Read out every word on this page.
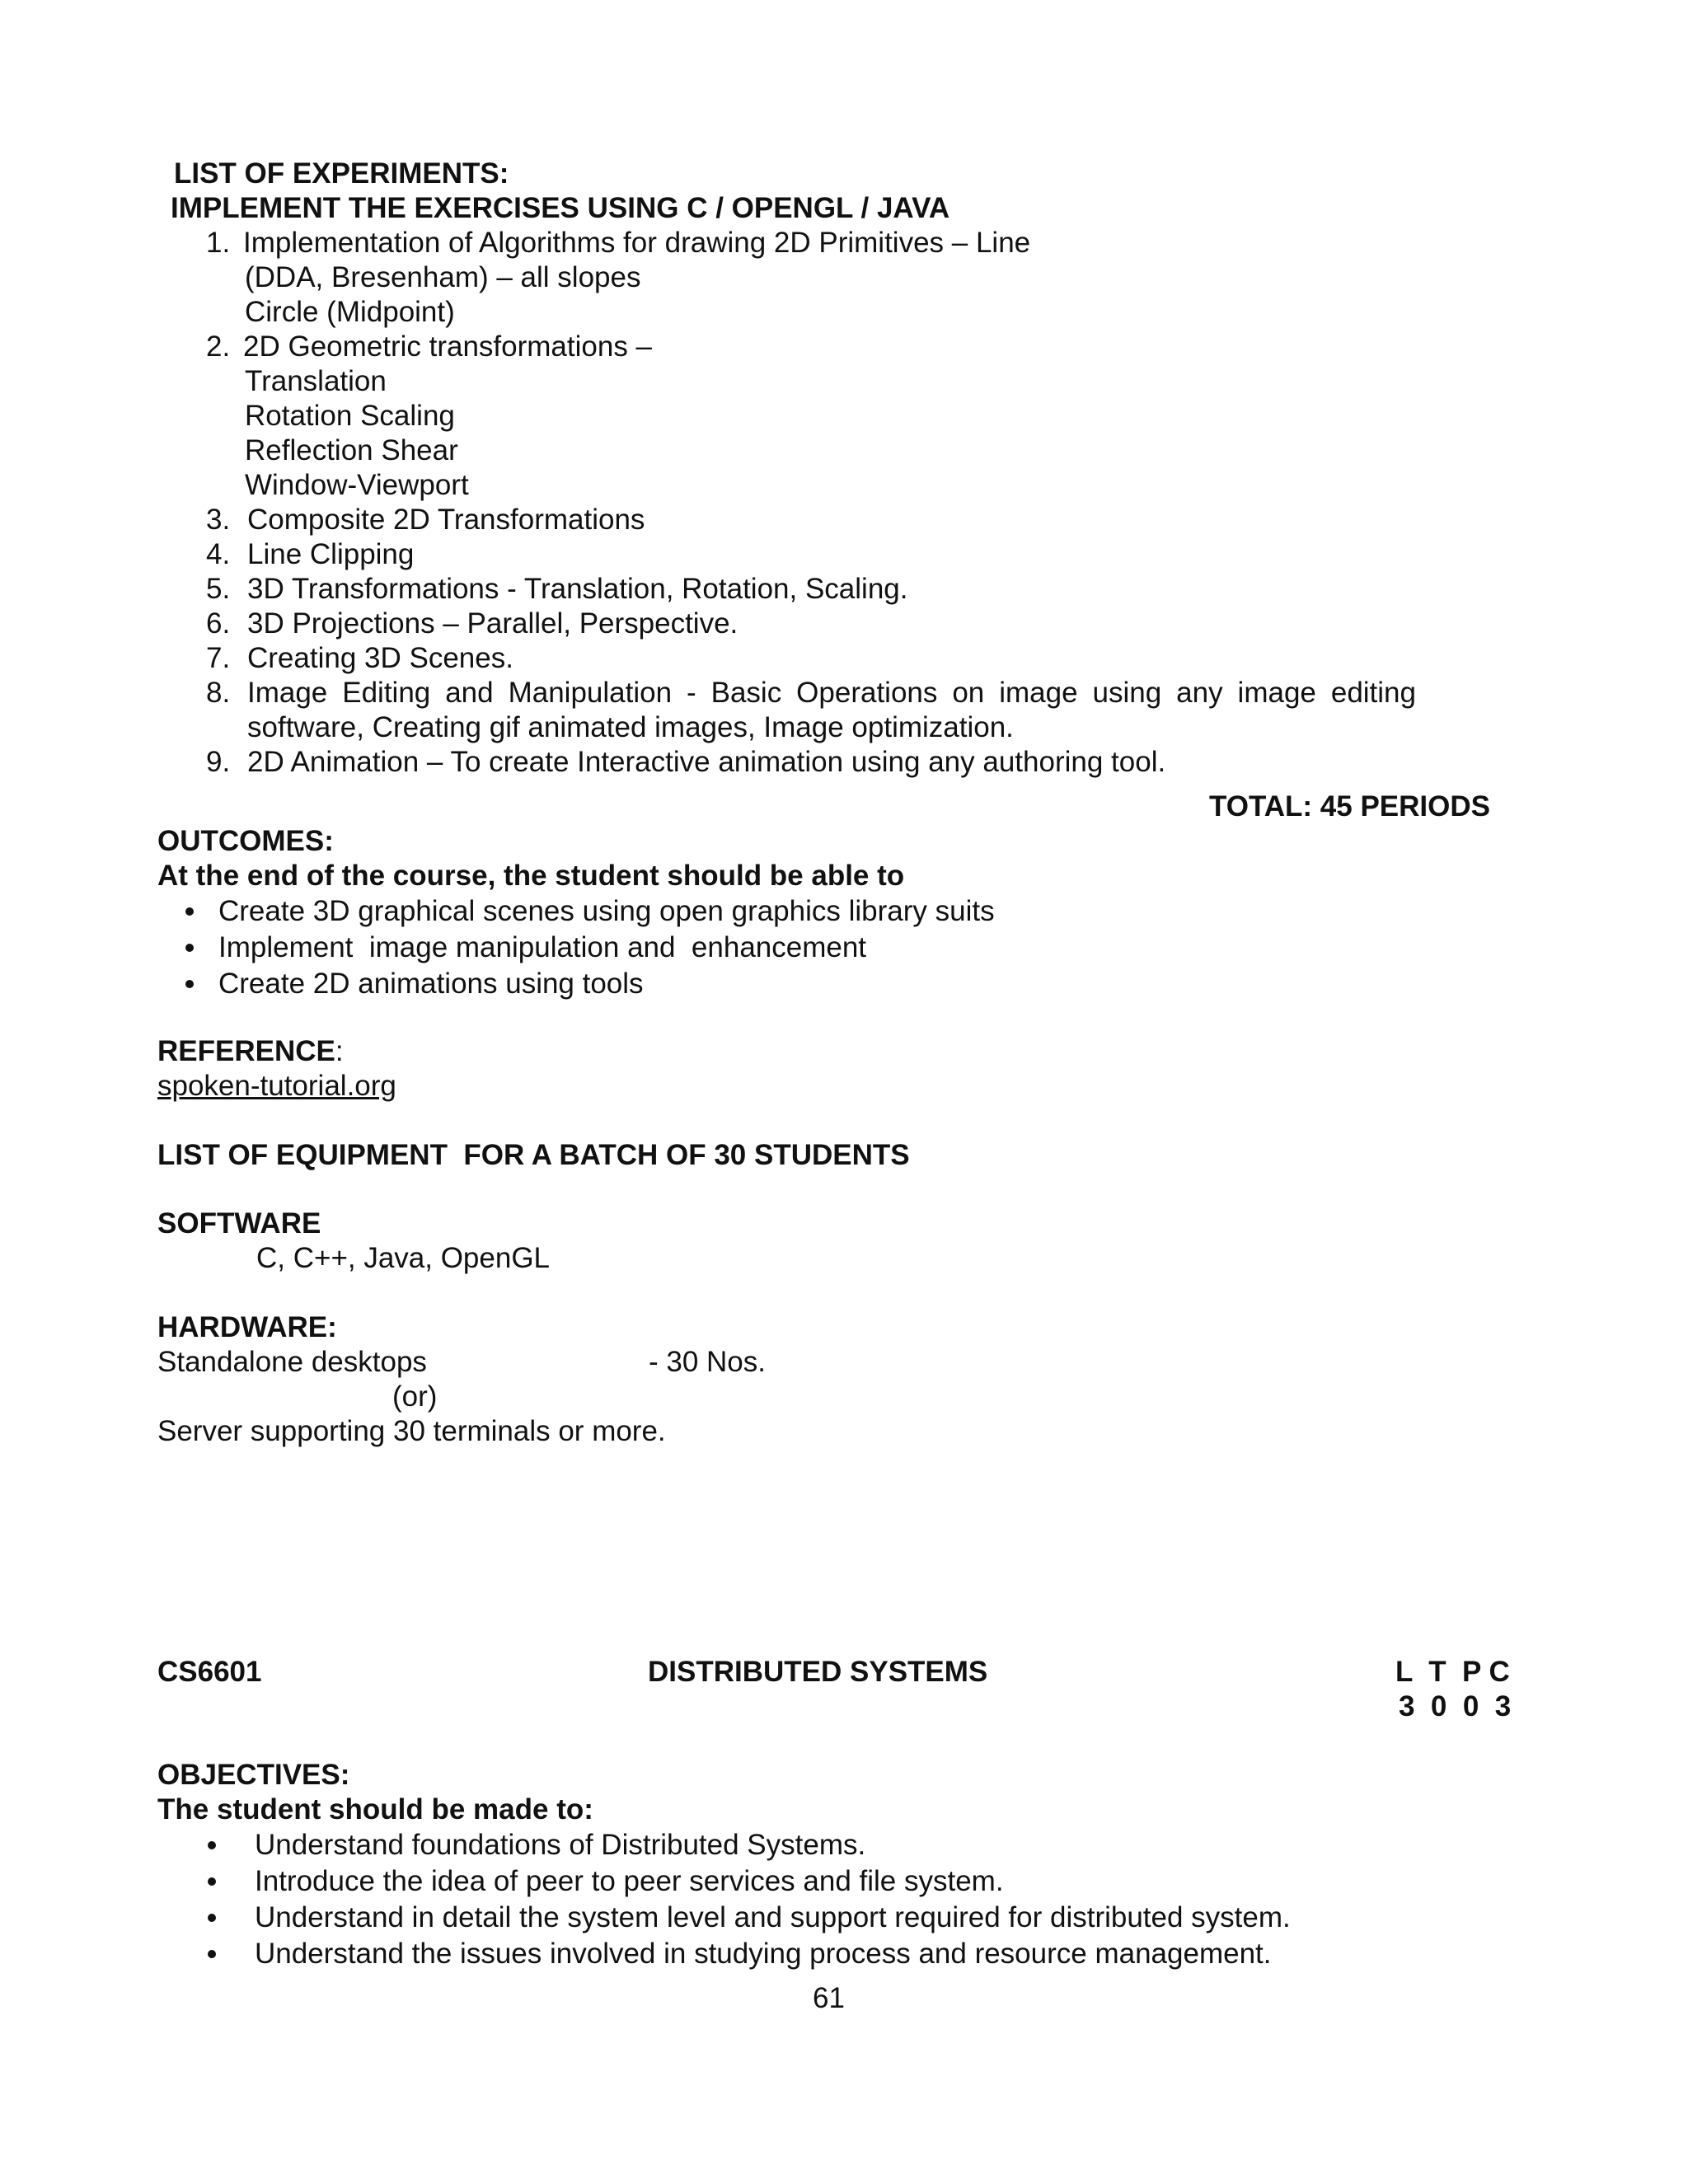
LIST OF EXPERIMENTS:
IMPLEMENT THE EXERCISES USING C / OPENGL / JAVA
1. Implementation of Algorithms for drawing 2D Primitives – Line
(DDA, Bresenham) – all slopes
Circle (Midpoint)
2. 2D Geometric transformations –
Translation
Rotation Scaling
Reflection Shear
Window-Viewport
3. Composite 2D Transformations
4. Line Clipping
5. 3D Transformations - Translation, Rotation, Scaling.
6. 3D Projections – Parallel, Perspective.
7. Creating 3D Scenes.
8. Image Editing and Manipulation - Basic Operations on image using any image editing
software, Creating gif animated images, Image optimization.
9. 2D Animation – To create Interactive animation using any authoring tool.
TOTAL: 45 PERIODS
OUTCOMES:
At the end of the course, the student should be able to
Create 3D graphical scenes using open graphics library suits
Implement  image manipulation and  enhancement
Create 2D animations using tools
REFERENCE:
spoken-tutorial.org
LIST OF EQUIPMENT  FOR A BATCH OF 30 STUDENTS
SOFTWARE
C, C++, Java, OpenGL
HARDWARE:
Standalone desktops	- 30 Nos.
(or)
Server supporting 30 terminals or more.
CS6601	DISTRIBUTED SYSTEMS	L  T  P C
3  0  0  3
OBJECTIVES:
The student should be made to:
Understand foundations of Distributed Systems.
Introduce the idea of peer to peer services and file system.
Understand in detail the system level and support required for distributed system.
Understand the issues involved in studying process and resource management.
61
